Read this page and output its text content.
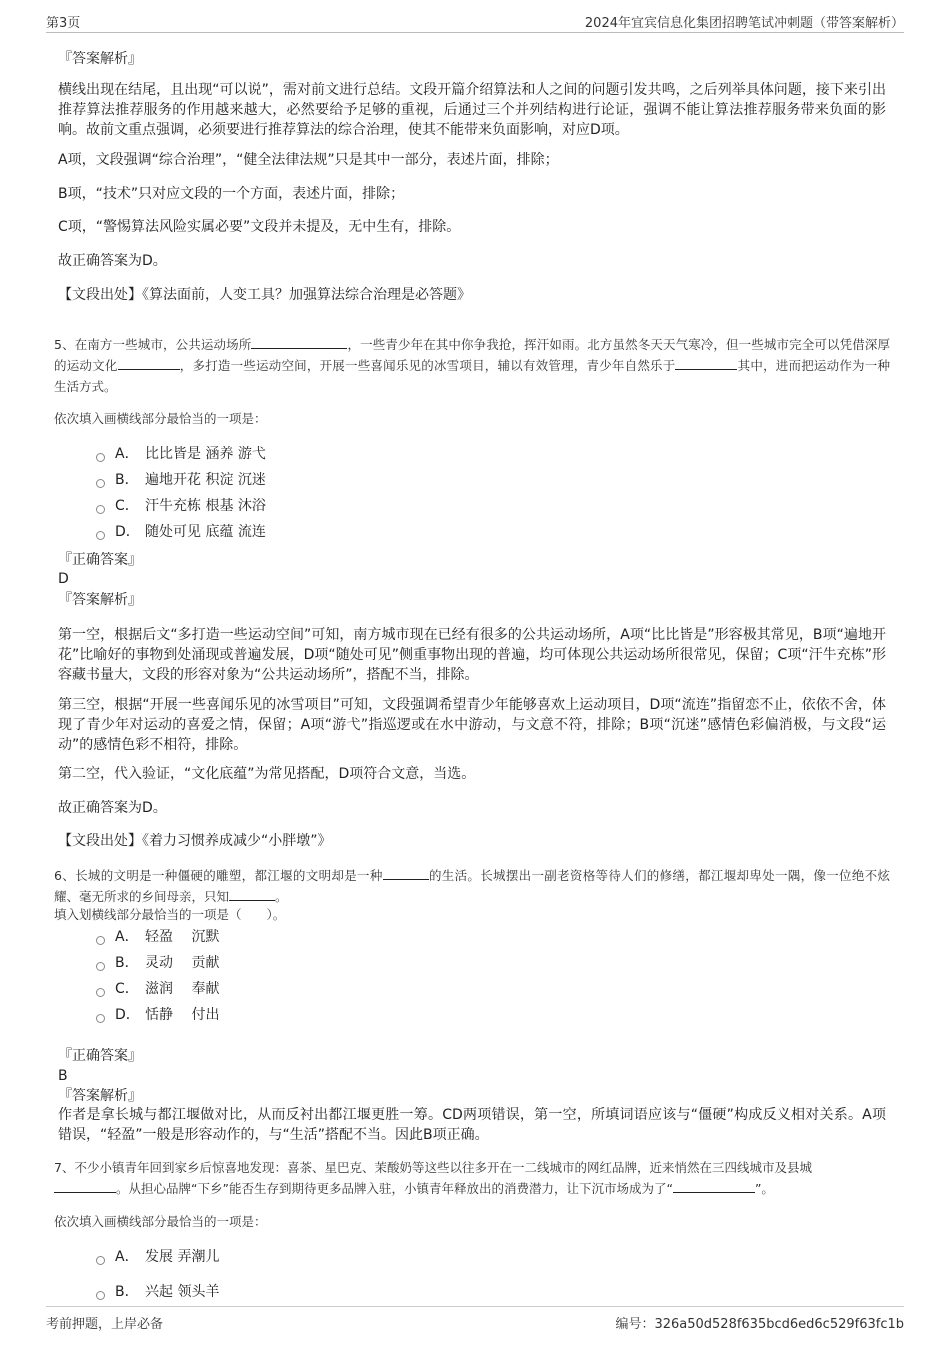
第3页	2024年宜宾信息化集团招聘笔试冲刺题（带答案解析）
『答案解析』
横线出现在结尾，且出现“可以说”，需对前文进行总结。文段开篇介绍算法和人之间的问题引发共鸣，之后列举具体问题，接下来引出推荐算法推荐服务的作用越来越大，必然要给予足够的重视，后通过三个并列结构进行论证，强调不能让算法推荐服务带来负面的影响。故前文重点强调，必须要进行推荐算法的综合治理，使其不能带来负面影响，对应D项。
A项，文段强调“综合治理”，“健全法律法规”只是其中一部分，表述片面，排除；
B项，“技术”只对应文段的一个方面，表述片面，排除；
C项，“警惕算法风险实属必要”文段并未提及，无中生有，排除。
故正确答案为D。
【文段出处】《算法面前，人变工具？加强算法综合治理是必答题》
5、在南方一些城市，公共运动场所	，一些青少年在其中你争我抢，挥汗如雨。北方虽然冬天天气寒冷，但一些城市完全可以凭借深厚的运动文化	，多打造一些运动空间，开展一些喜闻乐见的冰雪项目，辅以有效管理，青少年自然乐于	其中，进而把运动作为一种生活方式。
依次填入画横线部分最恰当的一项是：
A． 比比皆是 涵养 游弋
B． 遍地开花 积淀 沉迷
C． 汗牛充栋 根基 沐浴
D． 随处可见 底蕴 流连
『正确答案』
D
『答案解析』
第一空，根据后文“多打造一些运动空间”可知，南方城市现在已经有很多的公共运动场所，A项“比比皆是”形容极其常见，B项“遍地开花”比喻好的事物到处涌现或普遍发展，D项“随处可见”侧重事物出现的普遍，均可体现公共运动场所很常见，保留；C项“汗牛充栋”形容藏书量大，文段的形容对象为“公共运动场所”，搭配不当，排除。
第三空，根据“开展一些喜闻乐见的冰雪项目”可知，文段强调希望青少年能够喜欢上运动项目，D项“流连”指留恋不止，依依不舍，体现了青少年对运动的喜爱之情，保留；A项“游弋”指巡逻或在水中游动，与文意不符，排除；B项“沉迷”感情色彩偏消极，与文段“运动”的感情色彩不相符，排除。
第二空，代入验证，“文化底蕴”为常见搭配，D项符合文意，当选。
故正确答案为D。
【文段出处】《着力习惯养成减少“小胖墩”》
6、长城的文明是一种僵硬的雕塑，都江堰的文明却是一种	的生活。长城摆出一副老资格等待人们的修缮，都江堰却卑处一隅，像一位绝不炫耀、毫无所求的乡间母亲，只知	。
填入划横线部分最恰当的一项是（　　）。
A． 轻盈　 沉默
B． 灵动　 贡献
C． 滋润　 奉献
D． 恬静　 付出
『正确答案』
B
『答案解析』
作者是拿长城与都江堰做对比，从而反衬出都江堰更胜一筹。CD两项错误，第一空，所填词语应该与“僵硬”构成反义相对关系。A项错误，“轻盈”一般是形容动作的，与“生活”搭配不当。因此B项正确。
7、不少小镇青年回到家乡后惊喜地发现：喜茶、星巴克、茉酸奶等这些以往多开在一二线城市的网红品牌，近来悄然在三四线城市及县城
。从担心品牌“下乡”能否生存到期待更多品牌入驻，小镇青年释放出的消费潜力，让下沉市场成为了“	”。
依次填入画横线部分最恰当的一项是：
A． 发展 弄潮儿
B． 兴起 领头羊
考前押题，上岸必备	编号：326a50d528f635bcd6ed6c529f63fc1b
